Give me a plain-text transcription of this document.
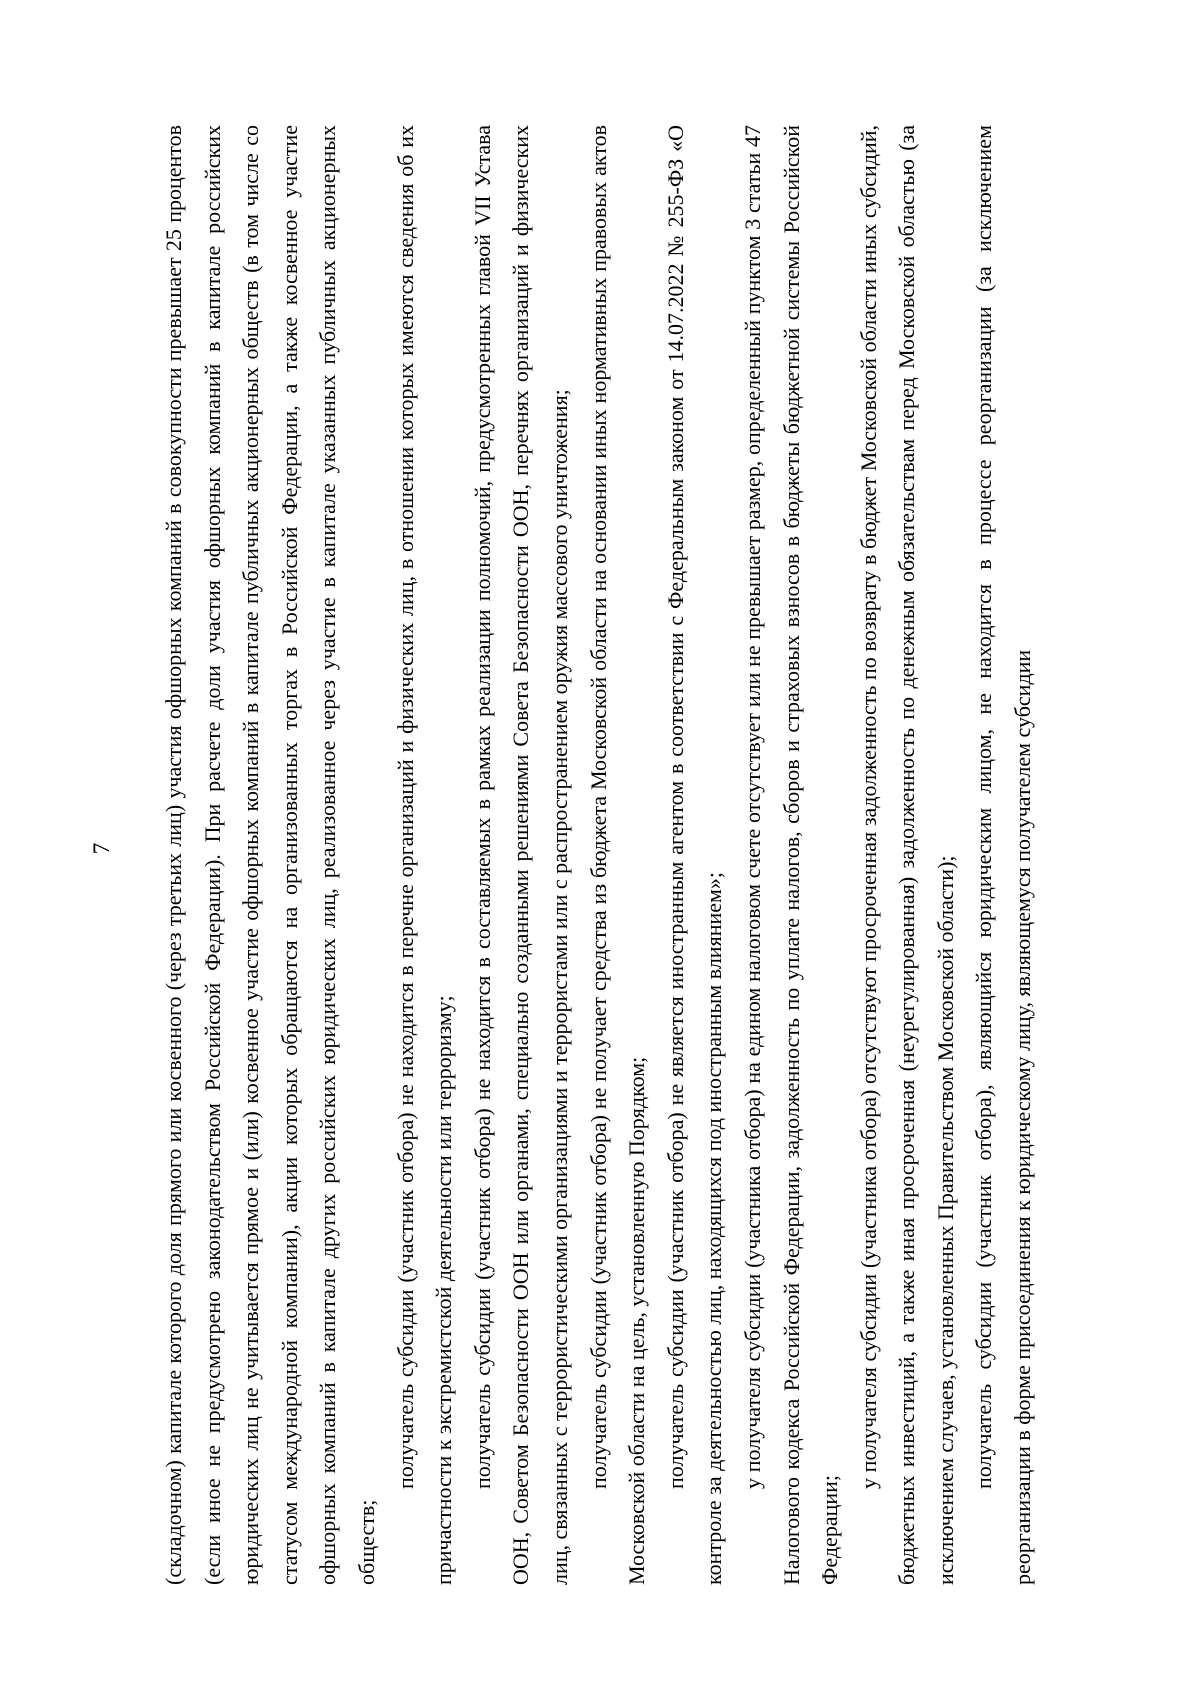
7 (складочном) капитале которого доля прямого или косвенного (через третьих лиц) участия офшорных компаний в совокупности превышает 25 процентов (если иное не предусмотрено законодательством Российской Федерации). При расчете доли участия офшорных компаний в капитале российских юридических лиц не учитывается прямое и (или) косвенное участие офшорных компаний в капитале публичных акционерных обществ (в том числе со статусом международной компании), акции которых обращаются на организованных торгах в Российской Федерации, а также косвенное участие офшорных компаний в капитале других российских юридических лиц, реализованное через участие в капитале указанных публичных акционерных обществ;

получатель субсидии (участник отбора) не находится в перечне организаций и физических лиц, в отношении которых имеются сведения об их причастности к экстремистской деятельности или терроризму; получатель субсидии (участник отбора) не находится в составляемых в рамках реализации полномочий, предусмотренных главой VII Устава ООН, Советом Безопасности ООН или органами, специально созданными решениями Совета Безопасности ООН, перечнях организаций и физических лиц, связанных с террористическими организациями и террористами или с распространением оружия массового уничтожения; получатель субсидии (участник отбора) не получает средства из бюджета Московской области на основании иных нормативных правовых актов Московской области на цель, установленную Порядком; получатель субсидии (участник отбора) не является иностранным агентом в соответствии с Федеральным законом от 14.07.2022 № 255-ФЗ «О контроле за деятельностью лиц, находящихся под иностранным влиянием»; у получателя субсидии (участника отбора) на едином налоговом счете отсутствует или не превышает размер, определенный пунктом 3 статьи 47 Налогового кодекса Российской Федерации, задолженность по уплате налогов, сборов и страховых взносов в бюджеты бюджетной системы Российской Федерации;

у получателя субсидии (участника отбора) отсутствуют просроченная задолженность по возврату в бюджет Московской области иных субсидий, бюджетных инвестиций, а также иная просроченная (неурегулированная) задолженность по денежным обязательствам перед Московской областью (за исключением случаев, установленных Правительством Московской области); получатель субсидии (участник отбора), являющийся юридическим лицом, не находится в процессе реорганизации (за исключением реорганизации в форме присоединения к юридическому лицу, являющемуся получателем субсидии
